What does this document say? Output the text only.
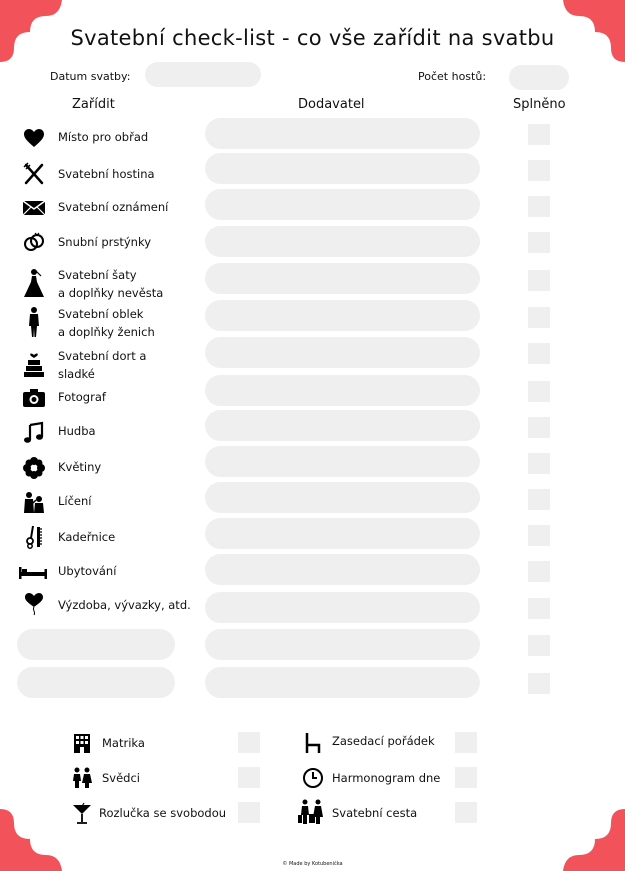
Svatební check-list - co vše zařídit na svatbu
Datum svatby:	Počet hostů:
Zařídit	Dodavatel	Splněno
Místo pro obřad
Svatební hostina
Svatební oznámení
Snubní prstýnky
Svatební šaty
a doplňky nevěsta
Svatební oblek
a doplňky ženich
Svatební dort a
sladké
Fotograf
Hudba
Květiny
Líčení
Kadeřnice
Ubytování
Výzdoba, vývazky, atd.
Matrika	Zasedací pořádek
Svědci	Harmonogram dne
Rozlučka se svobodou	Svatební cesta
© Made by Kotubenička
